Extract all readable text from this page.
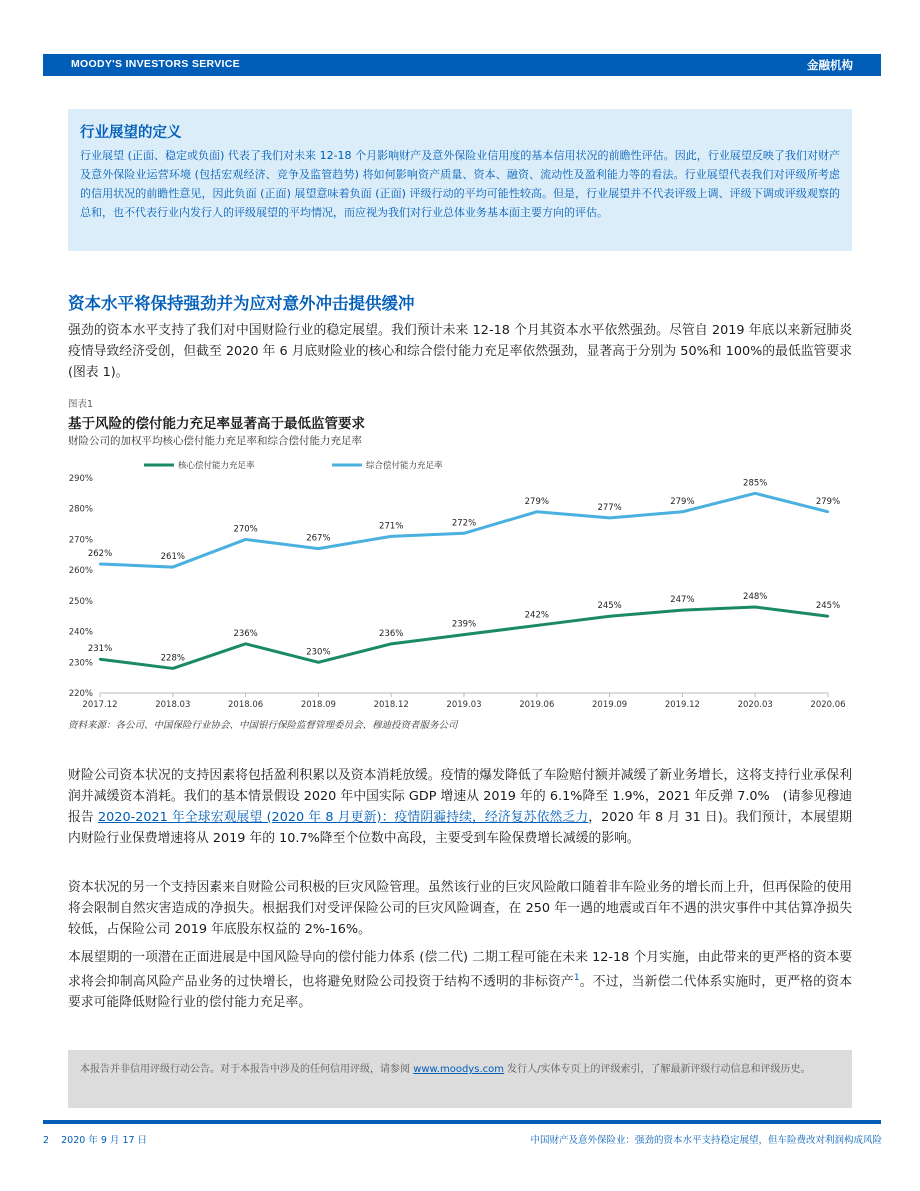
MOODY'S INVESTORS SERVICE	金融机构
行业展望的定义

行业展望 (正面、稳定或负面) 代表了我们对未来 12-18 个月影响财产及意外保险业信用度的基本信用状况的前瞻性评估。因此，行业展望反映了我们对财产及意外保险业运营环境 (包括宏观经济、竞争及监管趋势) 将如何影响资产质量、资本、融资、流动性及盈利能力等的看法。行业展望代表我们对评级所考虑的信用状况的前瞻性意见，因此负面 (正面) 展望意味着负面 (正面) 评级行动的平均可能性较高。但是，行业展望并不代表评级上调、评级下调或评级观察的总和，也不代表行业内发行人的评级展望的平均情况，而应视为我们对行业总体业务基本面主要方向的评估。

资本水平将保持强劲并为应对意外冲击提供缓冲

强劲的资本水平支持了我们对中国财险行业的稳定展望。我们预计未来 12-18 个月其资本水平依然强劲。尽管自 2019 年底以来新冠肺炎疫情导致经济受创，但截至 2020 年 6 月底财险业的核心和综合偿付能力充足率依然强劲，显著高于分别为 50%和 100%的最低监管要求 (图表 1)。

图表1
基于风险的偿付能力充足率显著高于最低监管要求
财险公司的加权平均核心偿付能力充足率和综合偿付能力充足率
220%
230%
240%
250%
260%
270%
280%
290%
2017.12	2018.03	2018.06	2018.09	2018.12	2019.03	2019.06	2019.09	2019.12	2020.03	2020.06
核心偿付能力充足率	综合偿付能力充足率
231%
228%
236%
230%
236%
239%
242%
245%
247%	248%
245%
262%	261%
270%
267%
271%	272%
279%
277%
279%
285%
279%
资料来源：各公司、中国保险行业协会、中国银行保险监督管理委员会、穆迪投资者服务公司

财险公司资本状况的支持因素将包括盈利积累以及资本消耗放缓。疫情的爆发降低了车险赔付额并减缓了新业务增长，这将支持行业承保利润并减缓资本消耗。我们的基本情景假设 2020 年中国实际 GDP 增速从 2019 年的 6.1%降至 1.9%，2021 年反弹 7.0%　(请参见穆迪报告 2020-2021 年全球宏观展望 (2020 年 8 月更新)：疫情阴霾持续，经济复苏依然乏力，2020 年 8 月 31 日)。我们预计，本展望期内财险行业保费增速将从 2019 年的 10.7%降至个位数中高段，主要受到车险保费增长减缓的影响。

资本状况的另一个支持因素来自财险公司积极的巨灾风险管理。虽然该行业的巨灾风险敞口随着非车险业务的增长而上升，但再保险的使用将会限制自然灾害造成的净损失。根据我们对受评保险公司的巨灾风险调查，在 250 年一遇的地震或百年不遇的洪灾事件中其估算净损失较低，占保险公司 2019 年底股东权益的 2%-16%。

本展望期的一项潜在正面进展是中国风险导向的偿付能力体系 (偿二代) 二期工程可能在未来 12-18 个月实施，由此带来的更严格的资本要求将会抑制高风险产品业务的过快增长，也将避免财险公司投资于结构不透明的非标资产$^1$。不过，当新偿二代体系实施时，更严格的资本要求可能降低财险行业的偿付能力充足率。

本报告并非信用评级行动公告。对于本报告中涉及的任何信用评级，请参阅 www.moodys.com 发行人/实体专页上的评级索引，了解最新评级行动信息和评级历史。

2 2020 年 9 月 17 日	中国财产及意外保险业：强劲的资本水平支持稳定展望，但车险费改对利润构成风险
